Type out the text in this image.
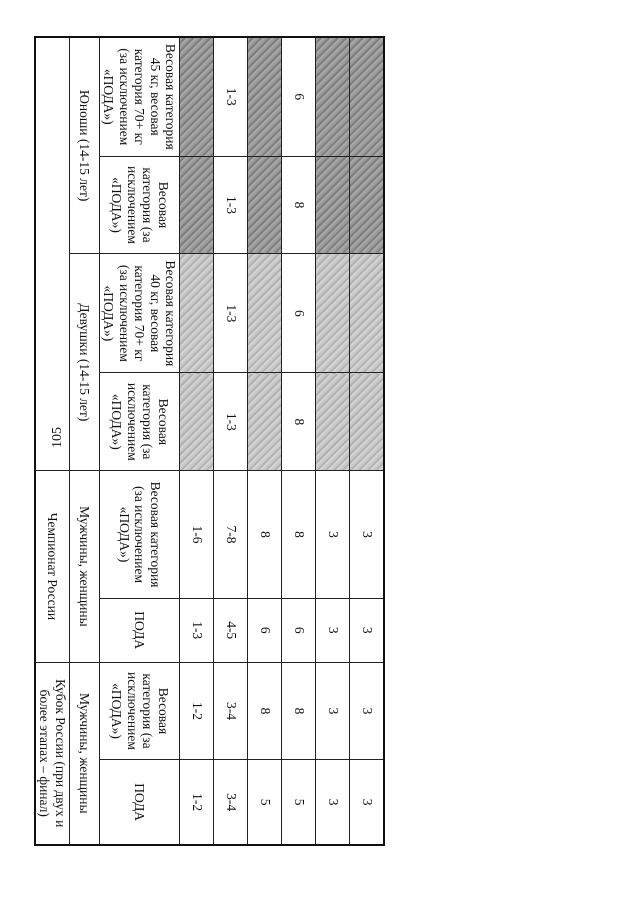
105
				3	3	3	3
				3	3	3	3
6	8	6	8	8	6	8	5
				8	6	8	5
1-3	1-3	1-3	1-3	7-8	4-5	3-4	3-4
				1-6	1-3	1-2	1-2
Весовая категория 45 кг, весовая категория 70+ кг (за исключением «ПОДА»)	Весовая категория (за исключением «ПОДА»)	Весовая категория 40 кг, весовая категория 70+ кг (за исключением «ПОДА»)	Весовая категория (за исключением «ПОДА»)	Весовая категория (за исключением «ПОДА»)	ПОДА	Весовая категория (за исключением «ПОДА»)	ПОДА
Юноши (14-15 лет)		Девушки (14-15 лет)		Мужчины, женщины		Мужчины, женщины	
				Чемпионат России		Кубок России (при двух и более этапах – финал)	
